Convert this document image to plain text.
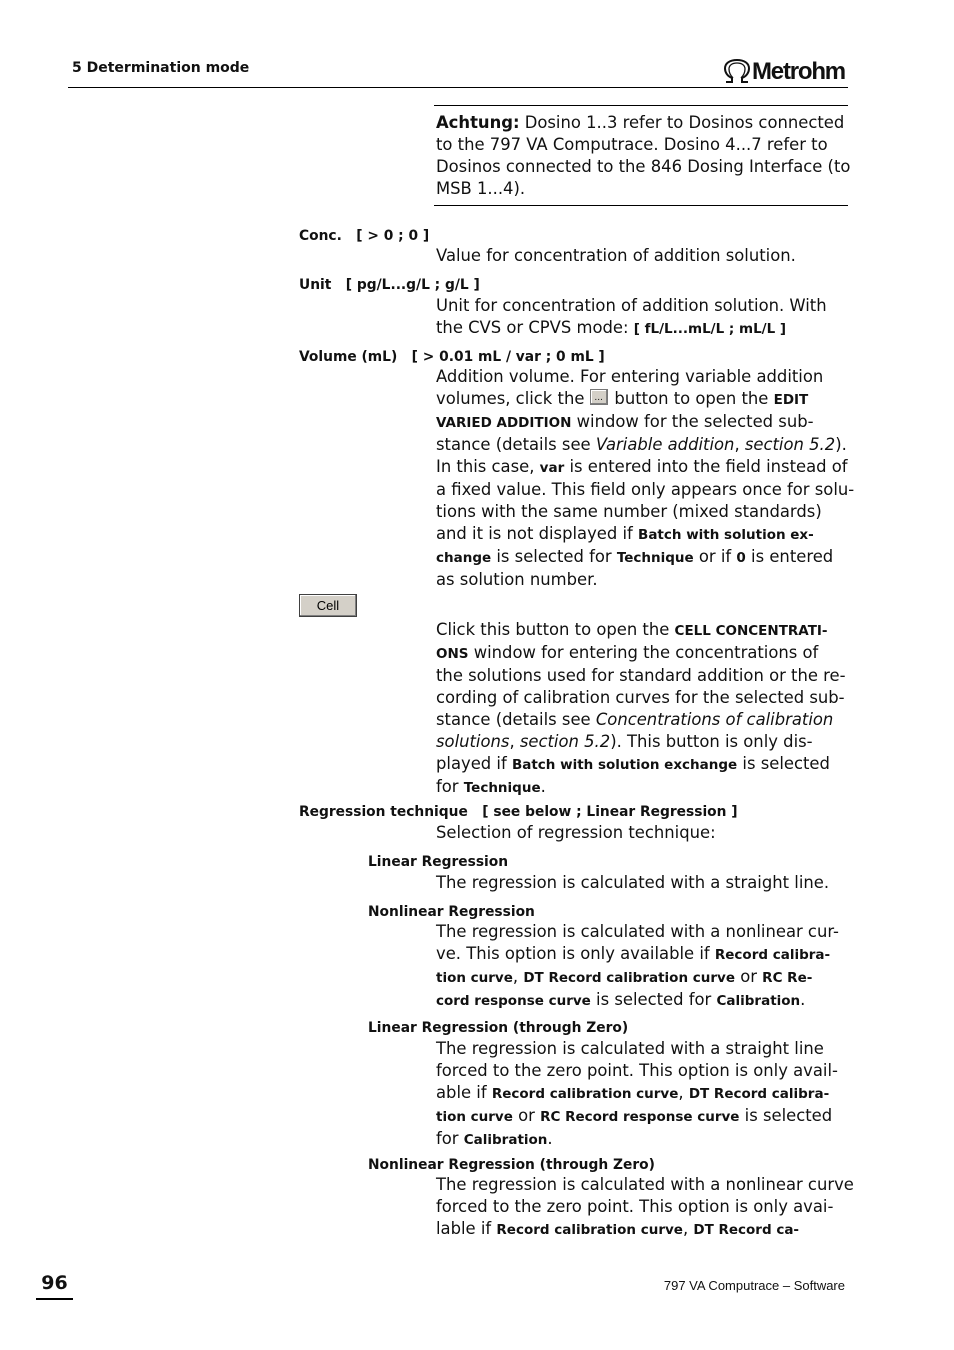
5 Determination mode	Metrohm
Achtung: Dosino 1..3 refer to Dosinos connected
to the 797 VA Computrace. Dosino 4...7 refer to
Dosinos connected to the 846 Dosing Interface (to
MSB 1...4).
Conc.   [ > 0 ; 0 ]
Value for concentration of addition solution.
Unit   [ pg/L...g/L ; g/L ]
Unit for concentration of addition solution. With
the CVS or CPVS mode: [ fL/L...mL/L ; mL/L ]
Volume (mL)   [ > 0.01 mL / var ; 0 mL ]
Addition volume. For entering variable addition
volumes, click the ... button to open the EDIT
VARIED ADDITION window for the selected sub-
stance (details see Variable addition, section 5.2).
In this case, var is entered into the field instead of
a fixed value. This field only appears once for solu-
tions with the same number (mixed standards)
and it is not displayed if Batch with solution ex-
change is selected for Technique or if 0 is entered
as solution number.
Cell
Click this button to open the CELL CONCENTRATI-
ONS window for entering the concentrations of
the solutions used for standard addition or the re-
cording of calibration curves for the selected sub-
stance (details see Concentrations of calibration
solutions, section 5.2). This button is only dis-
played if Batch with solution exchange is selected
for Technique.
Regression technique   [ see below ; Linear Regression ]
Selection of regression technique:
Linear Regression
The regression is calculated with a straight line.
Nonlinear Regression
The regression is calculated with a nonlinear cur-
ve. This option is only available if Record calibra-
tion curve, DT Record calibration curve or RC Re-
cord response curve is selected for Calibration.
Linear Regression (through Zero)
The regression is calculated with a straight line
forced to the zero point. This option is only avail-
able if Record calibration curve, DT Record calibra-
tion curve or RC Record response curve is selected
for Calibration.
Nonlinear Regression (through Zero)
The regression is calculated with a nonlinear curve
forced to the zero point. This option is only avai-
lable if Record calibration curve, DT Record ca-
96	797 VA Computrace – Software
